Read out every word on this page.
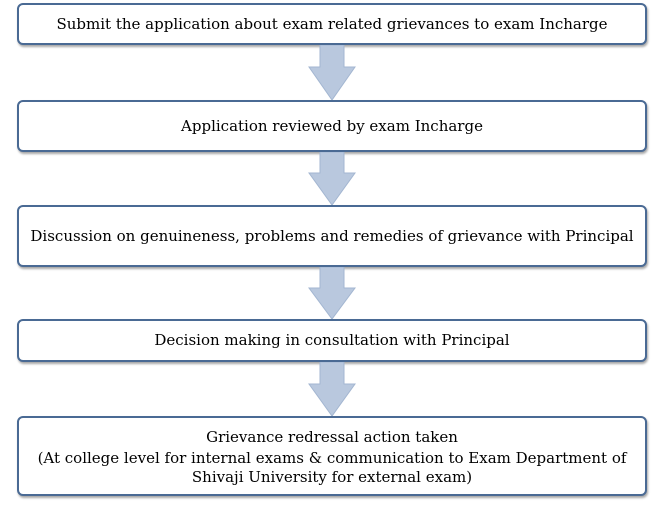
Submit the application about exam related grievances to exam Incharge
Application reviewed by exam Incharge
Discussion on genuineness, problems and remedies of grievance with Principal
Decision making in consultation with Principal
Grievance redressal action taken
(At college level for internal exams & communication to Exam Department of
Shivaji University for external exam)
